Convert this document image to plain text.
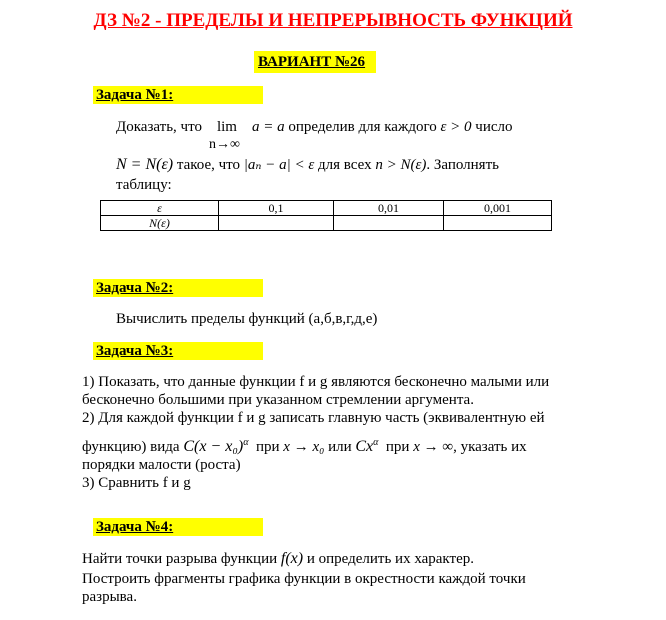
ДЗ №2 - ПРЕДЕЛЫ И НЕПРЕРЫВНОСТЬ ФУНКЦИЙ
ВАРИАНТ №26
Задача №1:
Доказать, что lim
n→∞
a = a определив для каждого ε > 0 число
N = N(ε) такое, что |aₙ − a| < ε для всех n > N(ε). Заполнять
таблицу:
ε	0,1	0,01	0,001
N(ε)			
Задача №2:
Вычислить пределы функций (а,б,в,г,д,е)
Задача №3:
1) Показать, что данные функции f и g являются бесконечно малыми или
бесконечно большими при указанном стремлении аргумента.
2) Для каждой функции f и g записать главную часть (эквивалентную ей
функцию) вида $C(x - x_0)^\alpha$ при x → x₀ или $Cx^\alpha$ при x → ∞, указать их
порядки малости (роста)
3) Сравнить f и g
Задача №4:
Найти точки разрыва функции f(x) и определить их характер.
Построить фрагменты графика функции в окрестности каждой точки
разрыва.
